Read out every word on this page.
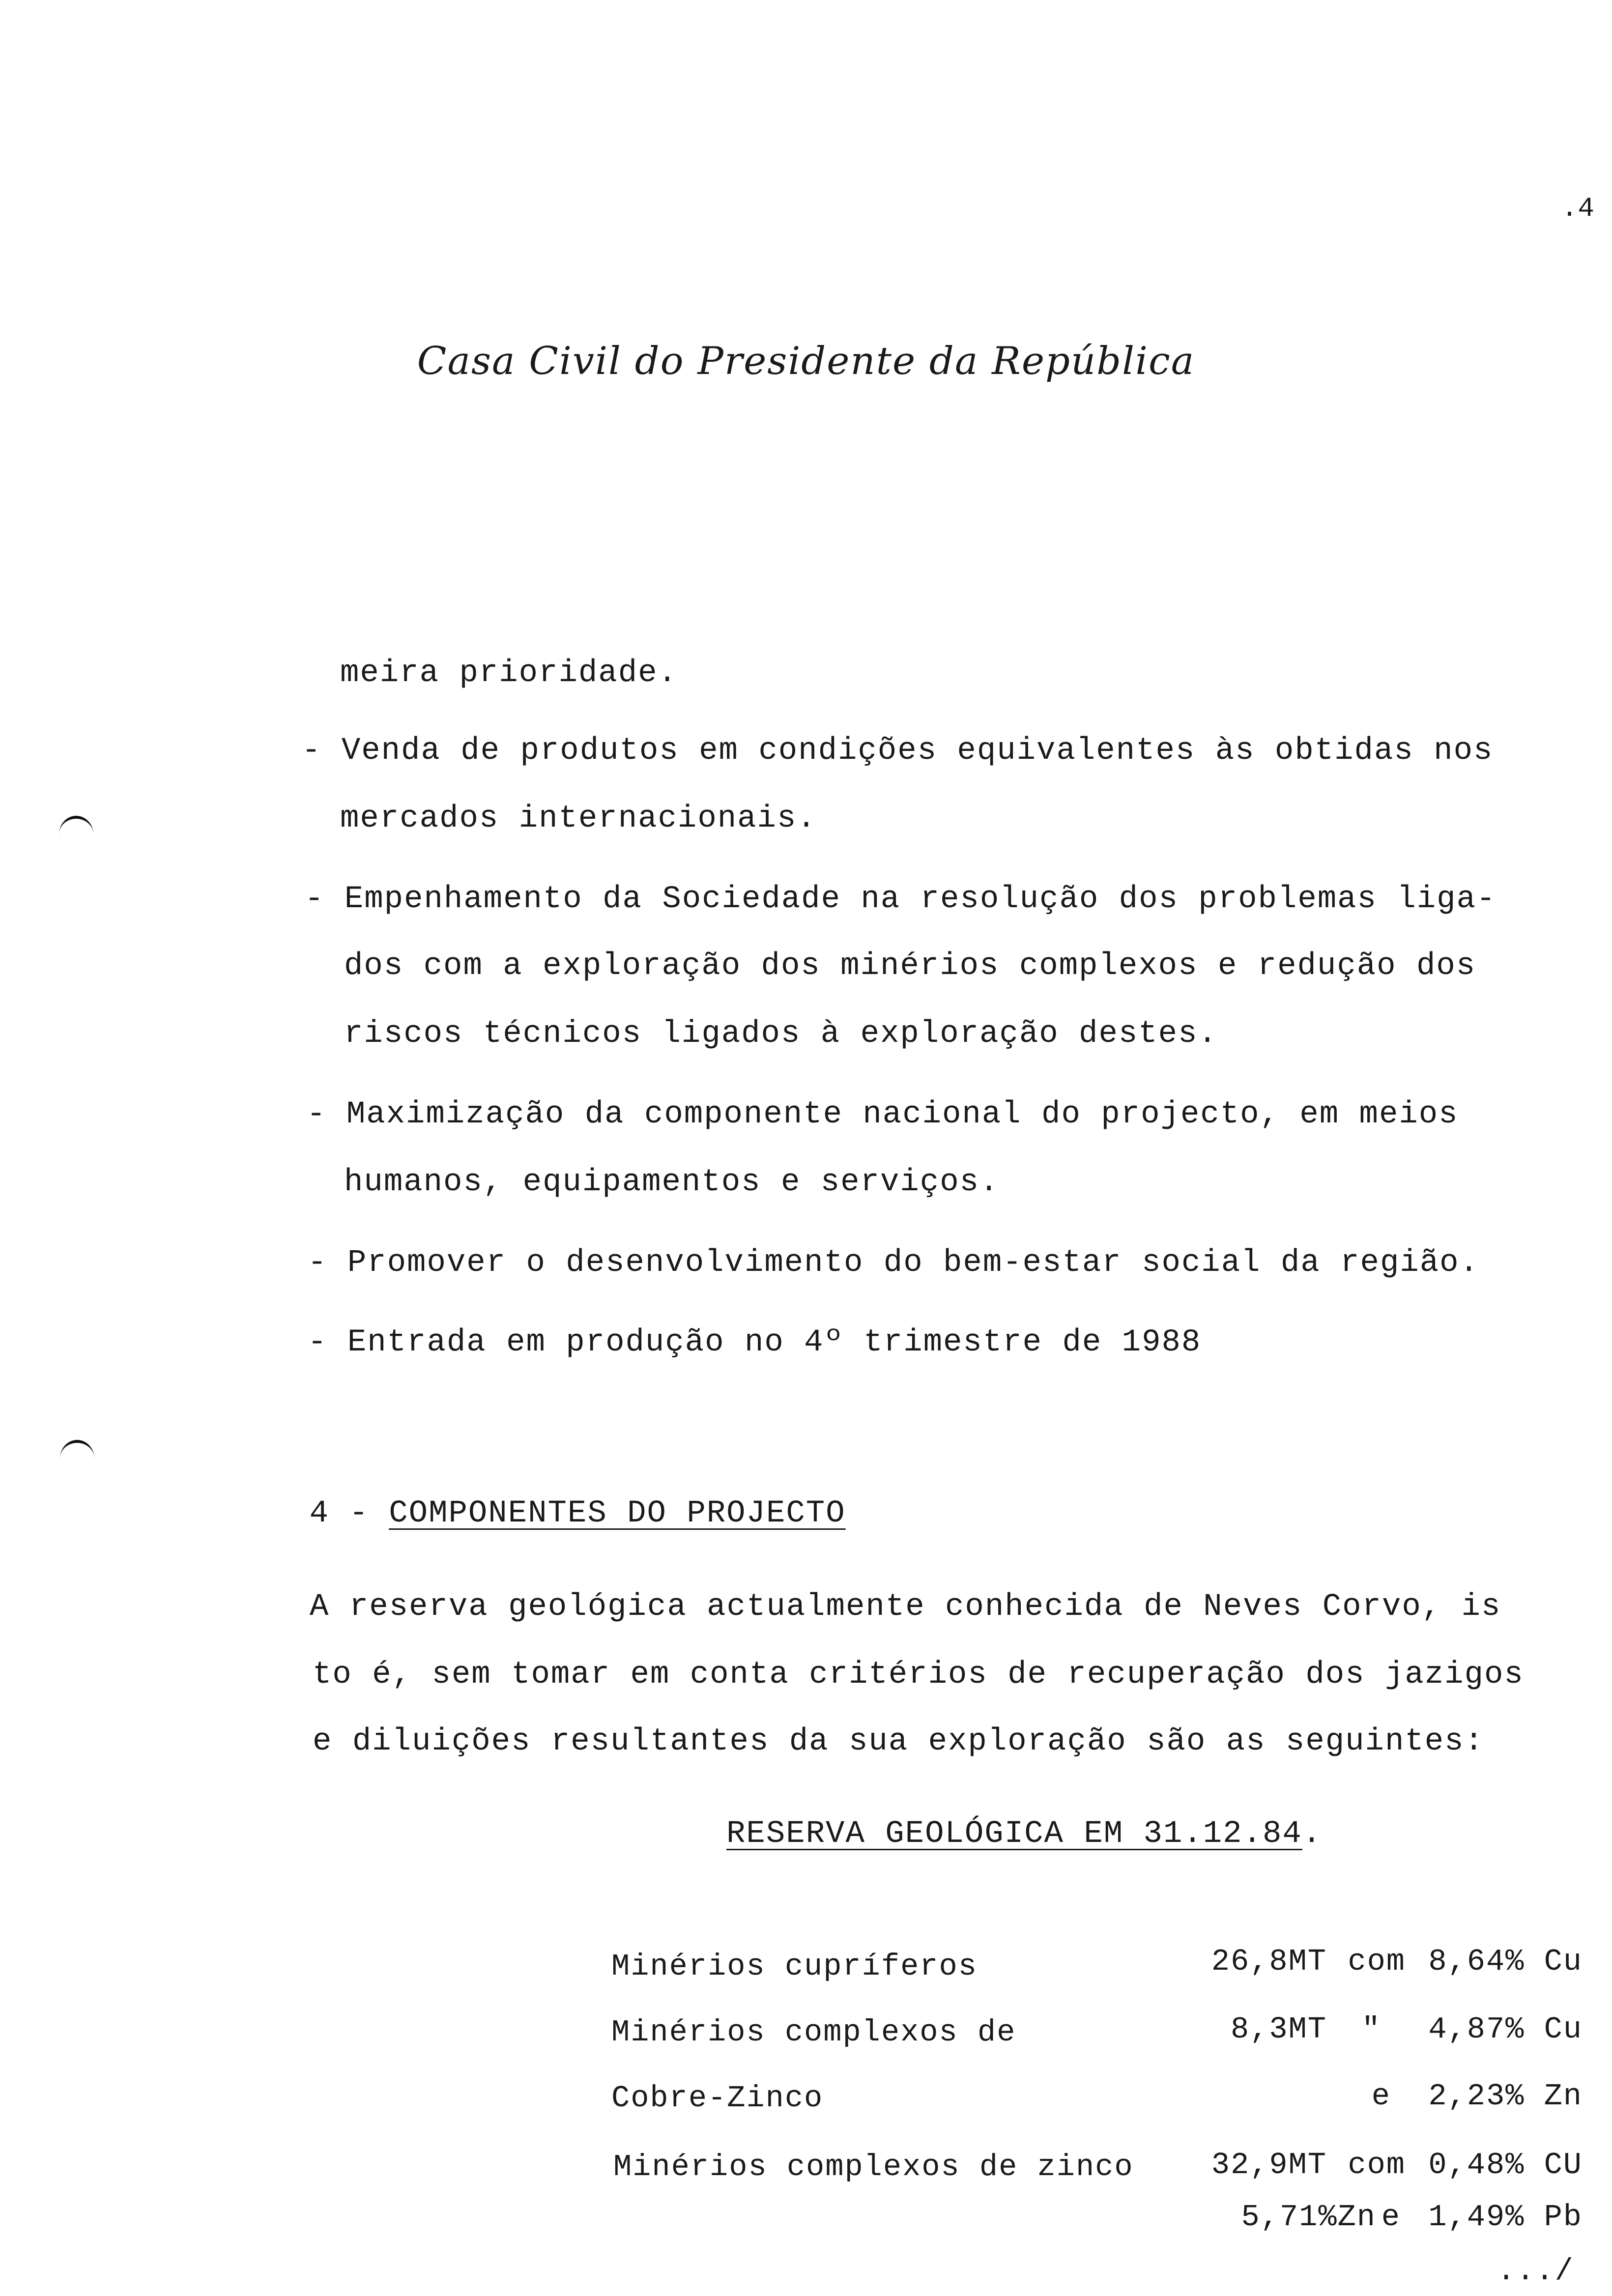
.4
Casa Civil do Presidente da República
meira prioridade.
- Venda de produtos em condições equivalentes às obtidas nos
mercados internacionais.
- Empenhamento da Sociedade na resolução dos problemas liga-
dos com a exploração dos minérios complexos e redução dos
riscos técnicos ligados à exploração destes.
- Maximização da componente nacional do projecto, em meios
humanos, equipamentos e serviços.
- Promover o desenvolvimento do bem-estar social da região.
- Entrada em produção no 4º trimestre de 1988

4 - COMPONENTES DO PROJECTO

A reserva geológica actualmente conhecida de Neves Corvo, is
to é, sem tomar em conta critérios de recuperação dos jazigos
e diluições resultantes da sua exploração são as seguintes:
RESERVA GEOLÓGICA EM 31.12.84.
Minérios cupríferos	26,8MT com 8,64% Cu
Minérios complexos de	8,3MT	"	4,87% Cu
Cobre-Zinco	e	2,23% Zn
Minérios complexos de zinco	32,9MT com 0,48% CU
5,71%Zn e 1,49% Pb
.../
